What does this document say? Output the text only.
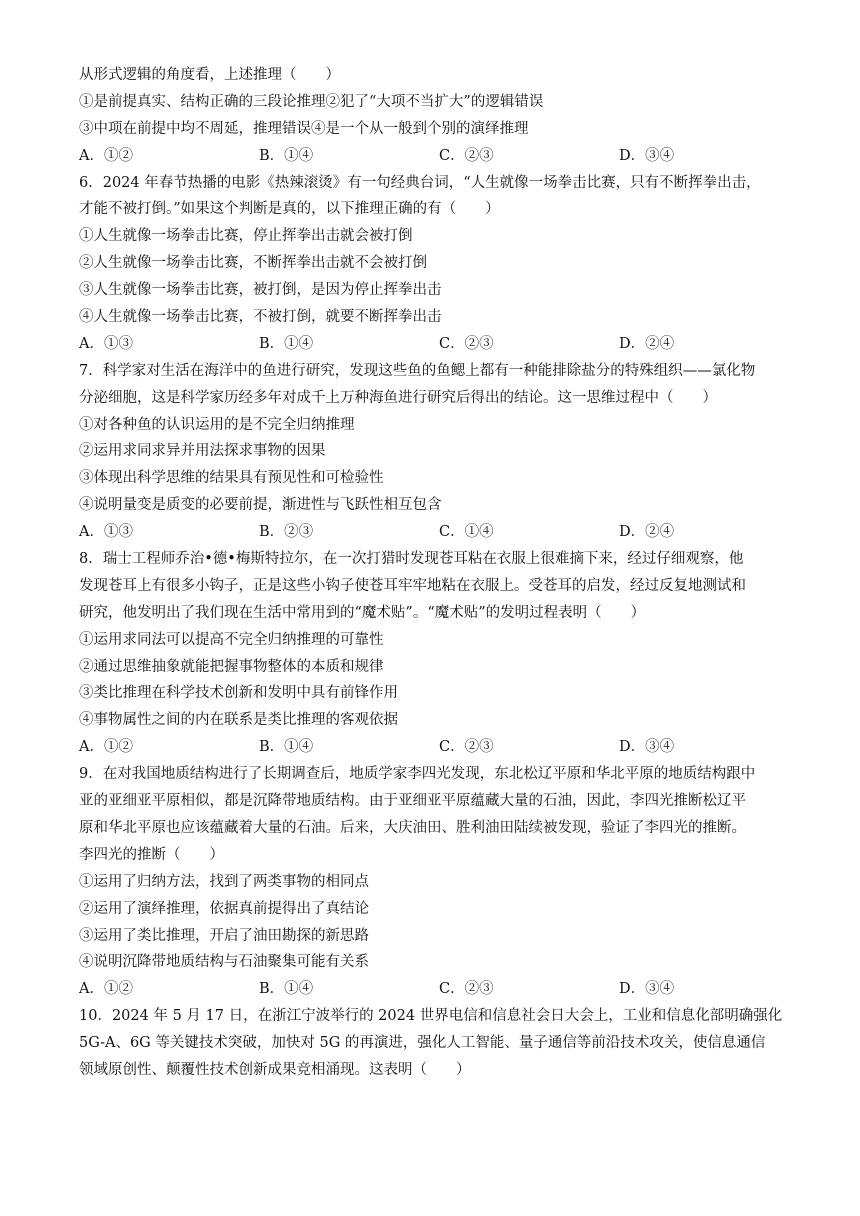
从形式逻辑的角度看，上述推理（　　）
①是前提真实、结构正确的三段论推理②犯了“大项不当扩大”的逻辑错误
③中项在前提中均不周延，推理错误④是一个从一般到个别的演绎推理
A．①②	B．①④	C．②③	D．③④
6．2024 年春节热播的电影《热辣滚烫》有一句经典台词，“人生就像一场拳击比赛，只有不断挥拳出击，
才能不被打倒。”如果这个判断是真的，以下推理正确的有（　　）
①人生就像一场拳击比赛，停止挥拳出击就会被打倒
②人生就像一场拳击比赛，不断挥拳出击就不会被打倒
③人生就像一场拳击比赛，被打倒，是因为停止挥拳出击
④人生就像一场拳击比赛，不被打倒，就要不断挥拳出击
A．①③	B．①④	C．②③	D．②④
7．科学家对生活在海洋中的鱼进行研究，发现这些鱼的鱼鳃上都有一种能排除盐分的特殊组织——氯化物
分泌细胞，这是科学家历经多年对成千上万种海鱼进行研究后得出的结论。这一思维过程中（　　）
①对各种鱼的认识运用的是不完全归纳推理
②运用求同求异并用法探求事物的因果
③体现出科学思维的结果具有预见性和可检验性
④说明量变是质变的必要前提，渐进性与飞跃性相互包含
A．①③	B．②③	C．①④	D．②④
8．瑞士工程师乔治•德•梅斯特拉尔，在一次打猎时发现苍耳粘在衣服上很难摘下来，经过仔细观察，他
发现苍耳上有很多小钩子，正是这些小钩子使苍耳牢牢地粘在衣服上。受苍耳的启发，经过反复地测试和
研究，他发明出了我们现在生活中常用到的“魔术贴”。“魔术贴”的发明过程表明（　　）
①运用求同法可以提高不完全归纳推理的可靠性
②通过思维抽象就能把握事物整体的本质和规律
③类比推理在科学技术创新和发明中具有前锋作用
④事物属性之间的内在联系是类比推理的客观依据
A．①②	B．①④	C．②③	D．③④
9．在对我国地质结构进行了长期调查后，地质学家李四光发现，东北松辽平原和华北平原的地质结构跟中
亚的亚细亚平原相似，都是沉降带地质结构。由于亚细亚平原蕴藏大量的石油，因此，李四光推断松辽平
原和华北平原也应该蕴藏着大量的石油。后来，大庆油田、胜利油田陆续被发现，验证了李四光的推断。
李四光的推断（　　）
①运用了归纳方法，找到了两类事物的相同点
②运用了演绎推理，依据真前提得出了真结论
③运用了类比推理，开启了油田勘探的新思路
④说明沉降带地质结构与石油聚集可能有关系
A．①②	B．①④	C．②③	D．③④
10．2024 年 5 月 17 日，在浙江宁波举行的 2024 世界电信和信息社会日大会上，工业和信息化部明确强化
5G-A、6G 等关键技术突破，加快对 5G 的再演进，强化人工智能、量子通信等前沿技术攻关，使信息通信
领域原创性、颠覆性技术创新成果竞相涌现。这表明（　　）
